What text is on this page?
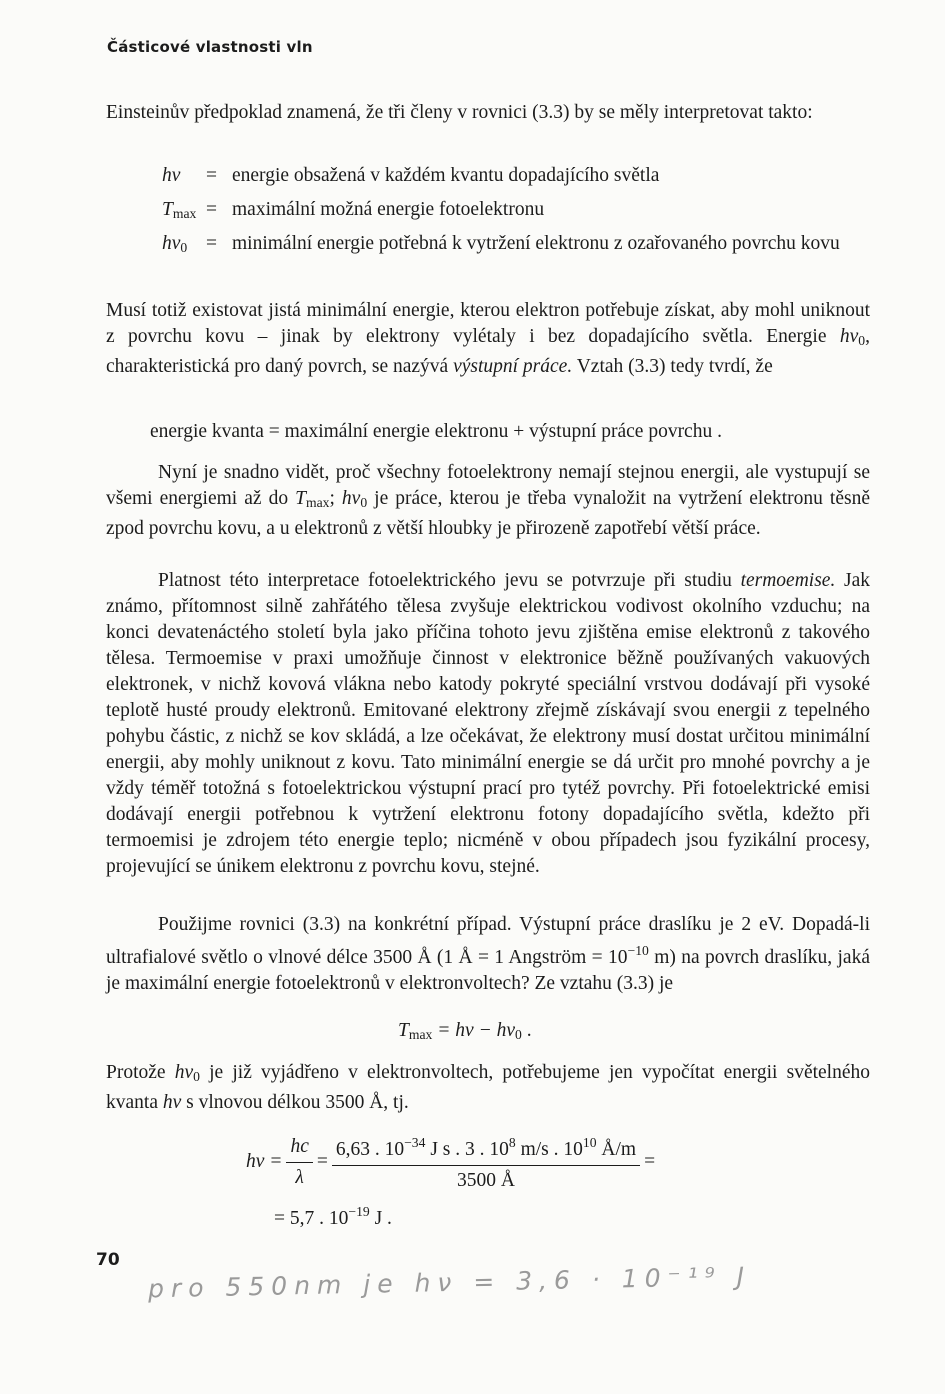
Částicové vlastnosti vln
Einsteinův předpoklad znamená, že tři členy v rovnici (3.3) by se měly interpretovat takto:
hν	= energie obsažená v každém kvantu dopadajícího světla
$T_{max}$ = maximální možná energie fotoelektronu
$h\nu_0$ = minimální energie potřebná k vytržení elektronu z ozařovaného povrchu kovu
Musí totiž existovat jistá minimální energie, kterou elektron potřebuje získat, aby mohl uniknout z povrchu kovu – jinak by elektrony vylétaly i bez dopadajícího světla. Energie $h\nu_0$, charakteristická pro daný povrch, se nazývá výstupní práce. Vztah (3.3) tedy tvrdí, že
energie kvanta = maximální energie elektronu + výstupní práce povrchu .
Nyní je snadno vidět, proč všechny fotoelektrony nemají stejnou energii, ale vystupují se všemi energiemi až do $T_{max}$; $h\nu_0$ je práce, kterou je třeba vynaložit na vytržení elektronu těsně zpod povrchu kovu, a u elektronů z větší hloubky je přirozeně zapotřebí větší práce.
Platnost této interpretace fotoelektrického jevu se potvrzuje při studiu termoemise. Jak známo, přítomnost silně zahřátého tělesa zvyšuje elektrickou vodivost okolního vzduchu; na konci devatenáctého století byla jako příčina tohoto jevu zjištěna emise elektronů z takového tělesa. Termoemise v praxi umožňuje činnost v elektronice běžně používaných vakuových elektronek, v nichž kovová vlákna nebo katody pokryté speciální vrstvou dodávají při vysoké teplotě husté proudy elektronů. Emitované elektrony zřejmě získávají svou energii z tepelného pohybu částic, z nichž se kov skládá, a lze očekávat, že elektrony musí dostat určitou minimální energii, aby mohly uniknout z kovu. Tato minimální energie se dá určit pro mnohé povrchy a je vždy téměř totožná s fotoelektrickou výstupní prací pro tytéž povrchy. Při fotoelektrické emisi dodávají energii potřebnou k vytržení elektronu fotony dopadajícího světla, kdežto při termoemisi je zdrojem této energie teplo; nicméně v obou případech jsou fyzikální procesy, projevující se únikem elektronu z povrchu kovu, stejné.
Použijme rovnici (3.3) na konkrétní případ. Výstupní práce draslíku je 2 eV. Dopadá-li ultrafialové světlo o vlnové délce 3500 Å (1 Å = 1 Angström = $10^{-10}$ m) na povrch draslíku, jaká je maximální energie fotoelektronů v elektronvoltech? Ze vztahu (3.3) je
$T_{max} = h\nu - h\nu_0$ .
Protože $h\nu_0$ je již vyjádřeno v elektronvoltech, potřebujeme jen vypočítat energii světelného kvanta hν s vlnovou délkou 3500 Å, tj.
$h\nu = \frac{hc}{\lambda} = \frac{6,63 . 10^{-34} J s . 3 . 10^8 m/s . 10^{10} Å/m}{3500 Å}$ =
= 5,7 . $10^{-19}$ J .
70
pro 550nm je hν = 3,6 · 10⁻¹⁹ J
